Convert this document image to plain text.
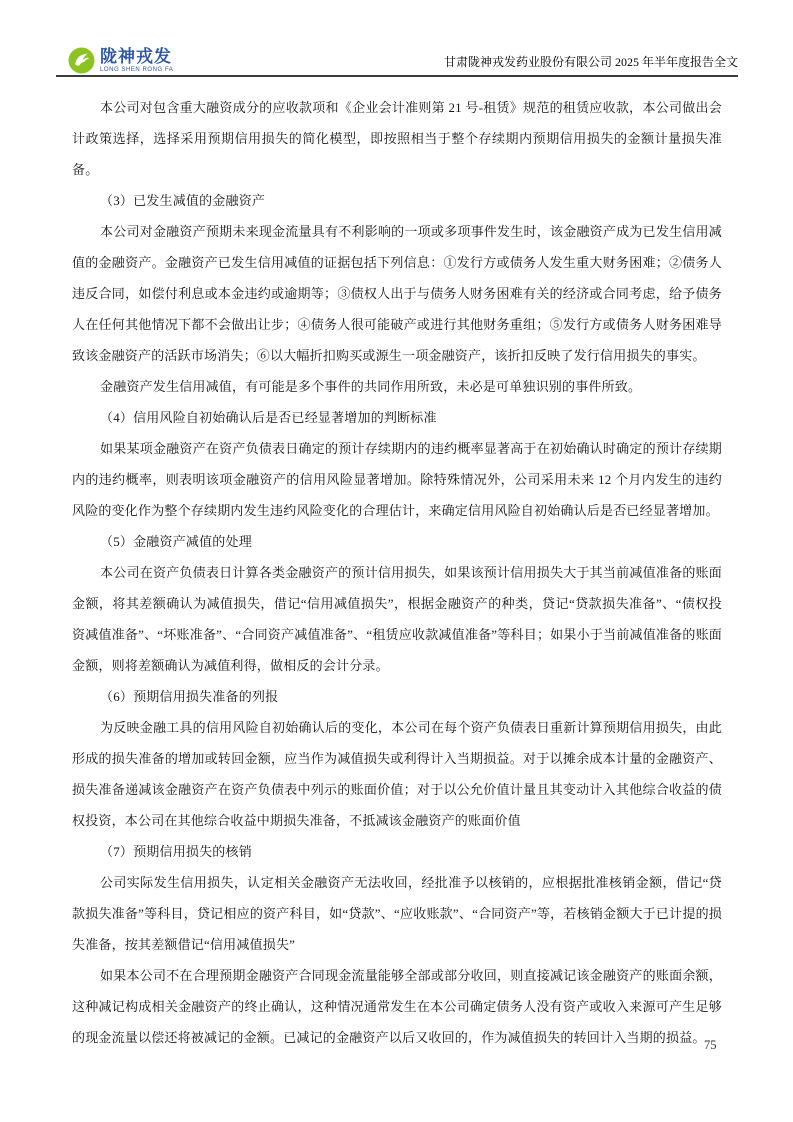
陇神戎发
LONG SHEN RONG FA
甘肃陇神戎发药业股份有限公司 2025 年半年度报告全文

本公司对包含重大融资成分的应收款项和《企业会计准则第 21 号-租赁》规范的租赁应收款，本公司做出会计政策选择，选择采用预期信用损失的简化模型，即按照相当于整个存续期内预期信用损失的金额计量损失准备。

（3）已发生减值的金融资产

本公司对金融资产预期未来现金流量具有不利影响的一项或多项事件发生时，该金融资产成为已发生信用减值的金融资产。金融资产已发生信用减值的证据包括下列信息：①发行方或债务人发生重大财务困难；②债务人违反合同，如偿付利息或本金违约或逾期等；③债权人出于与债务人财务困难有关的经济或合同考虑，给予债务人在任何其他情况下都不会做出让步；④债务人很可能破产或进行其他财务重组；⑤发行方或债务人财务困难导致该金融资产的活跃市场消失；⑥以大幅折扣购买或源生一项金融资产，该折扣反映了发行信用损失的事实。

金融资产发生信用减值，有可能是多个事件的共同作用所致，未必是可单独识别的事件所致。

（4）信用风险自初始确认后是否已经显著增加的判断标准

如果某项金融资产在资产负债表日确定的预计存续期内的违约概率显著高于在初始确认时确定的预计存续期内的违约概率，则表明该项金融资产的信用风险显著增加。除特殊情况外，公司采用未来 12 个月内发生的违约风险的变化作为整个存续期内发生违约风险变化的合理估计，来确定信用风险自初始确认后是否已经显著增加。

（5）金融资产减值的处理

本公司在资产负债表日计算各类金融资产的预计信用损失，如果该预计信用损失大于其当前减值准备的账面金额，将其差额确认为减值损失，借记“信用减值损失”，根据金融资产的种类，贷记“贷款损失准备”、“债权投资减值准备”、“坏账准备”、“合同资产减值准备”、“租赁应收款减值准备”等科目；如果小于当前减值准备的账面金额，则将差额确认为减值利得，做相反的会计分录。

（6）预期信用损失准备的列报

为反映金融工具的信用风险自初始确认后的变化，本公司在每个资产负债表日重新计算预期信用损失，由此形成的损失准备的增加或转回金额，应当作为减值损失或利得计入当期损益。对于以摊余成本计量的金融资产、损失准备递减该金融资产在资产负债表中列示的账面价值；对于以公允价值计量且其变动计入其他综合收益的债权投资，本公司在其他综合收益中期损失准备，不抵减该金融资产的账面价值

（7）预期信用损失的核销

公司实际发生信用损失，认定相关金融资产无法收回，经批准予以核销的，应根据批准核销金额，借记“贷款损失准备”等科目，贷记相应的资产科目，如“贷款”、“应收账款”、“合同资产”等，若核销金额大于已计提的损失准备，按其差额借记“信用减值损失”

如果本公司不在合理预期金融资产合同现金流量能够全部或部分收回，则直接减记该金融资产的账面余额，这种减记构成相关金融资产的终止确认，这种情况通常发生在本公司确定债务人没有资产或收入来源可产生足够的现金流量以偿还将被减记的金额。已减记的金融资产以后又收回的，作为减值损失的转回计入当期的损益。

75
